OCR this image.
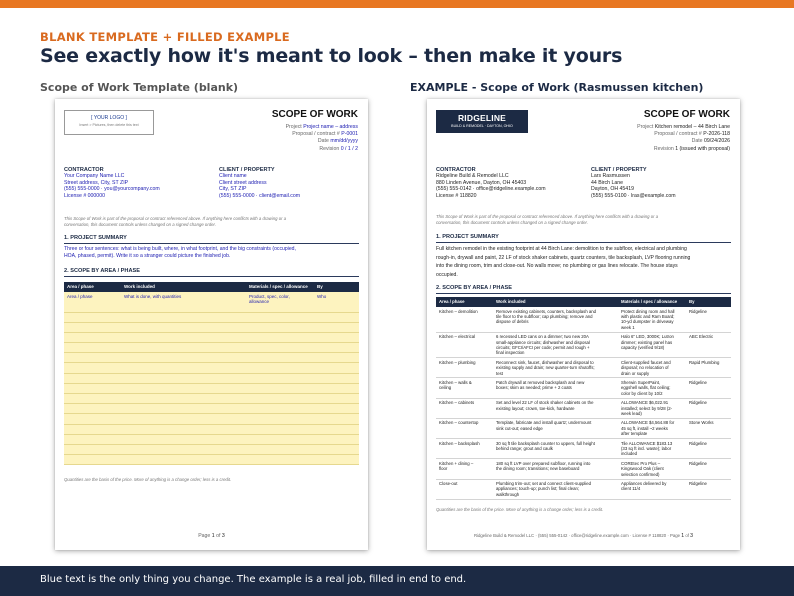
BLANK TEMPLATE + FILLED EXAMPLE
See exactly how it's meant to look – then make it yours
Scope of Work Template (blank)	EXAMPLE - Scope of Work (Rasmussen kitchen)
[ YOUR LOGO ]
Insert > Pictures, then delete this text
SCOPE OF WORK
Project Project name – address
Proposal / contract # P-0001
Date mm/dd/yyyy
Revision 0 / 1 / 2
CONTRACTOR
Your Company Name LLC
Street address, City, ST ZIP
(555) 555-0000 · you@yourcompany.com
License # 000000
CLIENT / PROPERTY
Client name
Client street address
City, ST ZIP
(555) 555-0000 · client@email.com
This Scope of Work is part of the proposal or contract referenced above. If anything here conflicts with a drawing or a
conversation, this document controls unless changed on a signed change order.
1. PROJECT SUMMARY
Three or four sentences: what is being built, where, in what footprint, and the big constraints (occupied,
HOA, phased, permit). Write it so a stranger could picture the finished job.
2. SCOPE BY AREA / PHASE
Area / phase	Work included	Materials / spec / allowance	By
Area / phase	What is done, with quantities	Product, spec, color, allowance	Who

Quantities are the basis of the price. More of anything is a change order; less is a credit.
Page 1 of 3
RIDGELINE
BUILD & REMODEL · DAYTON, OHIO
SCOPE OF WORK
Project Kitchen remodel – 44 Birch Lane
Proposal / contract # P-2026-118
Date 09/24/2026
Revision 1 (issued with proposal)
CONTRACTOR
Ridgeline Build & Remodel LLC
880 Linden Avenue, Dayton, OH 45403
(555) 555-0142 · office@ridgeline.example.com
License # 118820
CLIENT / PROPERTY
Lars Rasmussen
44 Birch Lane
Dayton, OH 45419
(555) 555-0100 · lras@example.com
This Scope of Work is part of the proposal or contract referenced above. If anything here conflicts with a drawing or a
conversation, this document controls unless changed on a signed change order.
1. PROJECT SUMMARY
Full kitchen remodel in the existing footprint at 44 Birch Lane: demolition to the subfloor, electrical and plumbing
rough-in, drywall and paint, 22 LF of stock shaker cabinets, quartz counters, tile backsplash, LVP flooring running
into the dining room, trim and close-out. No walls move; no plumbing or gas lines relocate. The house stays
occupied.
2. SCOPE BY AREA / PHASE
Area / phase	Work included	Materials / spec / allowance	By
Kitchen – demolition	Remove existing cabinets, counters, backsplash and
tile floor to the subfloor; cap plumbing; remove and
dispose of debris	Protect dining room and hall
with plastic and Ram Board;
10-yd dumpster in driveway
week 1	Ridgeline
Kitchen – electrical	6 recessed LED cans on a dimmer; two new 20A
small-appliance circuits; dishwasher and disposal
circuits; GFCI/AFCI per code; permit and rough +
final inspection	Halo 6" LED, 3000K; Lutron
dimmer; existing panel has
capacity (verified 9/18)	ABC Electric
Kitchen – plumbing	Reconnect sink, faucet, dishwasher and disposal to
existing supply and drain; new quarter-turn shutoffs;
test	Client-supplied faucet and
disposal; no relocation of
drain or supply	Rapid Plumbing
Kitchen – walls &
ceiling	Patch drywall at removed backsplash and new
boxes; skim as needed; prime + 2 coats	Sherwin SuperPaint,
eggshell walls, flat ceiling;
color by client by 10/2	Ridgeline
Kitchen – cabinets	Set and level 22 LF of stock shaker cabinets on the
existing layout; crown, toe-kick, hardware	ALLOWANCE $6,022.91
installed; select by 9/28 (2-
week lead)	Ridgeline
Kitchen – countertop	Template, fabricate and install quartz; undermount
sink cut-out; eased edge	ALLOWANCE $4,564.88 for
45 sq ft, install ~2 weeks
after template	Stone Works
Kitchen – backsplash	30 sq ft tile backsplash counter to uppers, full height
behind range; grout and caulk	Tile ALLOWANCE $183.13
(33 sq ft incl. waste); labor
included	Ridgeline
Kitchen + dining –
floor	180 sq ft LVP over prepared subfloor, running into
the dining room; transitions; new baseboard	COREtec Pro Plus –
Kingswood Oak (client
selection confirmed)	Ridgeline
Close-out	Plumbing trim-out; set and connect client-supplied
appliances; touch-up; punch list; final clean;
walkthrough	Appliances delivered by
client 11/4	Ridgeline
Quantities are the basis of the price. More of anything is a change order; less is a credit.
Ridgeline Build & Remodel LLC · (555) 555-0142 · office@ridgeline.example.com · License # 118820 · Page 1 of 3
Blue text is the only thing you change. The example is a real job, filled in end to end.
